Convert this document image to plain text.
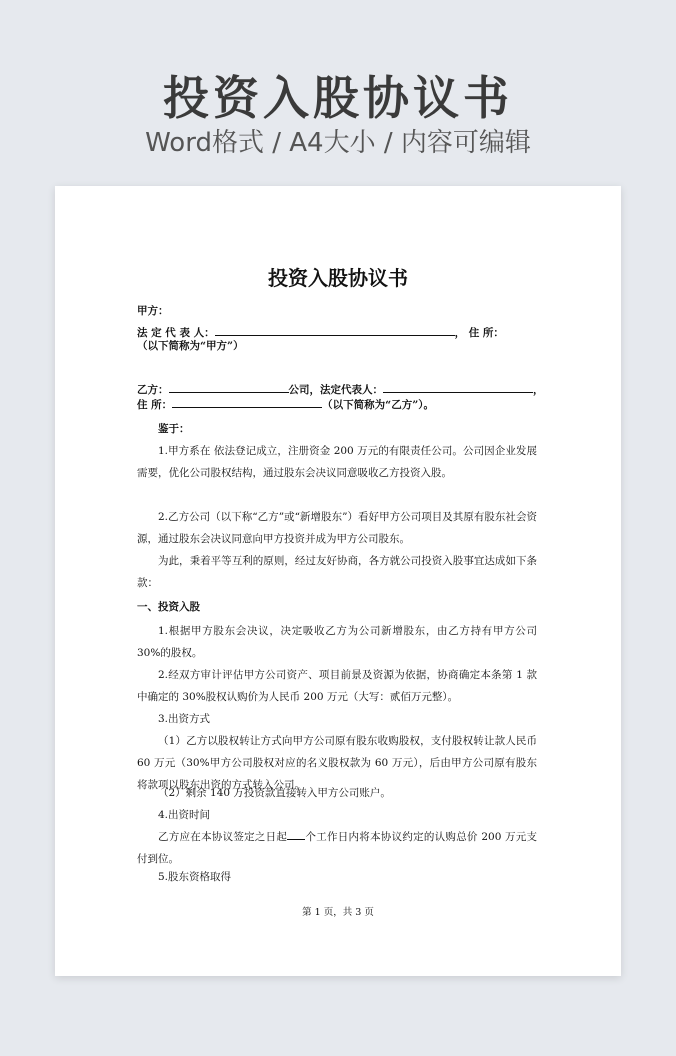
投资入股协议书
Word格式 / A4大小 / 内容可编辑
投资入股协议书
甲方：
法 定 代 表 人：	， 住 所：
（以下简称为“甲方”）
乙方：	公司，法定代表人：	，
住 所：	（以下简称为“乙方”）。
鉴于：
1.甲方系在 依法登记成立，注册资金 200 万元的有限责任公司。公司因企业发展需要，优化公司股权结构，通过股东会决议同意吸收乙方投资入股。
2.乙方公司（以下称“乙方”或“新增股东”）看好甲方公司项目及其原有股东社会资源，通过股东会决议同意向甲方投资并成为甲方公司股东。
为此，秉着平等互利的原则，经过友好协商，各方就公司投资入股事宜达成如下条款：
一、投资入股
1.根据甲方股东会决议，决定吸收乙方为公司新增股东，由乙方持有甲方公司 30%的股权。
2.经双方审计评估甲方公司资产、项目前景及资源为依据，协商确定本条第 1 款中确定的 30%股权认购价为人民币 200 万元（大写：贰佰万元整）。
3.出资方式
（1）乙方以股权转让方式向甲方公司原有股东收购股权，支付股权转让款人民币 60 万元（30%甲方公司股权对应的名义股权款为 60 万元），后由甲方公司原有股东将款项以股东出资的方式转入公司。
（2）剩余 140 万投资款直接转入甲方公司账户。
4.出资时间
乙方应在本协议签定之日起 个工作日内将本协议约定的认购总价 200 万元支付到位。
5.股东资格取得
第 1 页，共 3 页
